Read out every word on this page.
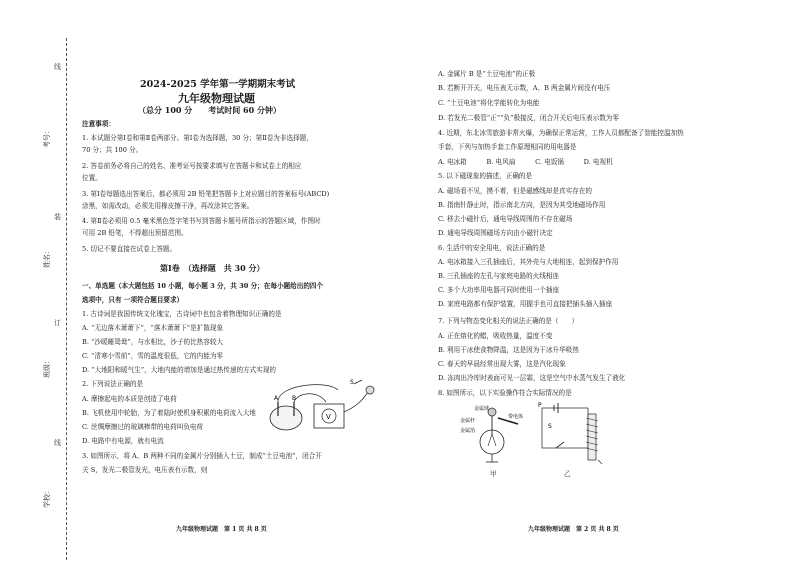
考号：
姓名：
班级：
学校：
线
装
订
线
2024-2025 学年第一学期期末考试
九年级物理试题
（总分 100 分　　考试时间 60 分钟）
注意事项：
1. 本试题分第Ⅰ卷和第Ⅱ卷两部分。第Ⅰ卷为选择题，30 分；第Ⅱ卷为非选择题，
70 分；共 100 分。
2. 答卷前务必将自己的姓名、准考证号按要求填写在答题卡和试卷上的相应
位置。
3. 第Ⅰ卷每题选出答案后，都必须用 2B 铅笔把答题卡上对应题目的答案标号(ABCD)
涂黑，如需改动，必须先用橡皮擦干净，再改涂其它答案。
4. 第Ⅱ卷必须用 0.5 毫米黑色签字笔书写到答题卡题号所指示的答题区域，作图时
可用 2B 铅笔，不得超出预留范围。
5. 切记不要直接在试卷上答题。
第Ⅰ卷　（选择题　共 30 分）
一、单选题（本大题包括 10 小题，每小题 3 分，共 30 分；在每小题给出的四个
选项中，只有 一项符合题目要求）
1. 古诗词是我国传统文化瑰宝，古诗词中也包含着物理知识正确的是
A. “无边落木萧萧下”，“落木萧萧下”是扩散现象
B. “沙暖睡鸳鸯”，与水相比，沙子的比热容较大
C. “清寒小雪前”，雪的温度很低，它的内能为零
D. “大地阳和暖气生”，大地内能的增加是通过热传递的方式实现的
2. 下列说法正确的是
A. 摩擦起电的本质是创造了电荷
B. 飞机使用中轮胎，为了着陆时使机身积累的电荷流入大地
C. 丝绸摩擦过的玻璃棒带的电荷叫负电荷
D. 电路中有电源，就有电流
3. 如图所示，将 A、B 两种不同的金属片分别插入土豆，制成“土豆电池”，闭合开
关 S，发光二极管发光，电压表有示数，则
A B
V
S
九年级物理试题　第 1 页 共 8 页
A. 金属片 B 是“土豆电池”的正极
B. 若断开开关，电压表无示数，A、B 两金属片间没有电压
C. “土豆电池”将化学能转化为电能
D. 若发光二极管“正”“负”极接反，闭合开关后电压表示数为零
4. 近期，东北冰雪旅游非常火爆，为确保正常运营，工作人员都配备了智能控温加热
手套，下列与加热手套工作原理相同的用电器是
A. 电冰箱　　　B. 电风扇　　　C. 电饭锅　　　D. 电视机
5. 以下磁现象的描述，正确的是
A. 磁场看不见，摸不着，但是磁感线却是真实存在的
B. 指南针静止时，指示南北方向，是因为其受地磁场作用
C. 移去小磁针后，通电导线周围的不存在磁场
D. 通电导线周围磁场方向由小磁针决定
6. 生活中的安全用电，说法正确的是
A. 电冰箱接入三孔插座后，其外壳与大地相连，起到保护作用
B. 三孔插座的左孔与家庭电路的火线相连
C. 多个大功率用电器可同时使用一个插座
D. 家庭电路都有保护装置，用握手也可直接把插头插入插座
7. 下列与物态变化相关的说法正确的是（　　）
A. 正在熔化的蜡，吸收热量，温度不变
B. 利用干冰使食物降温，这是因为干冰升华吸热
C. 春天的早晨经常出现大雾，这是汽化现象
D. 冻肉出冷库时表面可见一层霜，这是空气中水蒸气发生了液化
8. 如图所示，以下实验操作符合实际情况的是
金属球
金属杆
带电体
金属箔
甲
P
S
乙
九年级物理试题　第 2 页 共 8 页
